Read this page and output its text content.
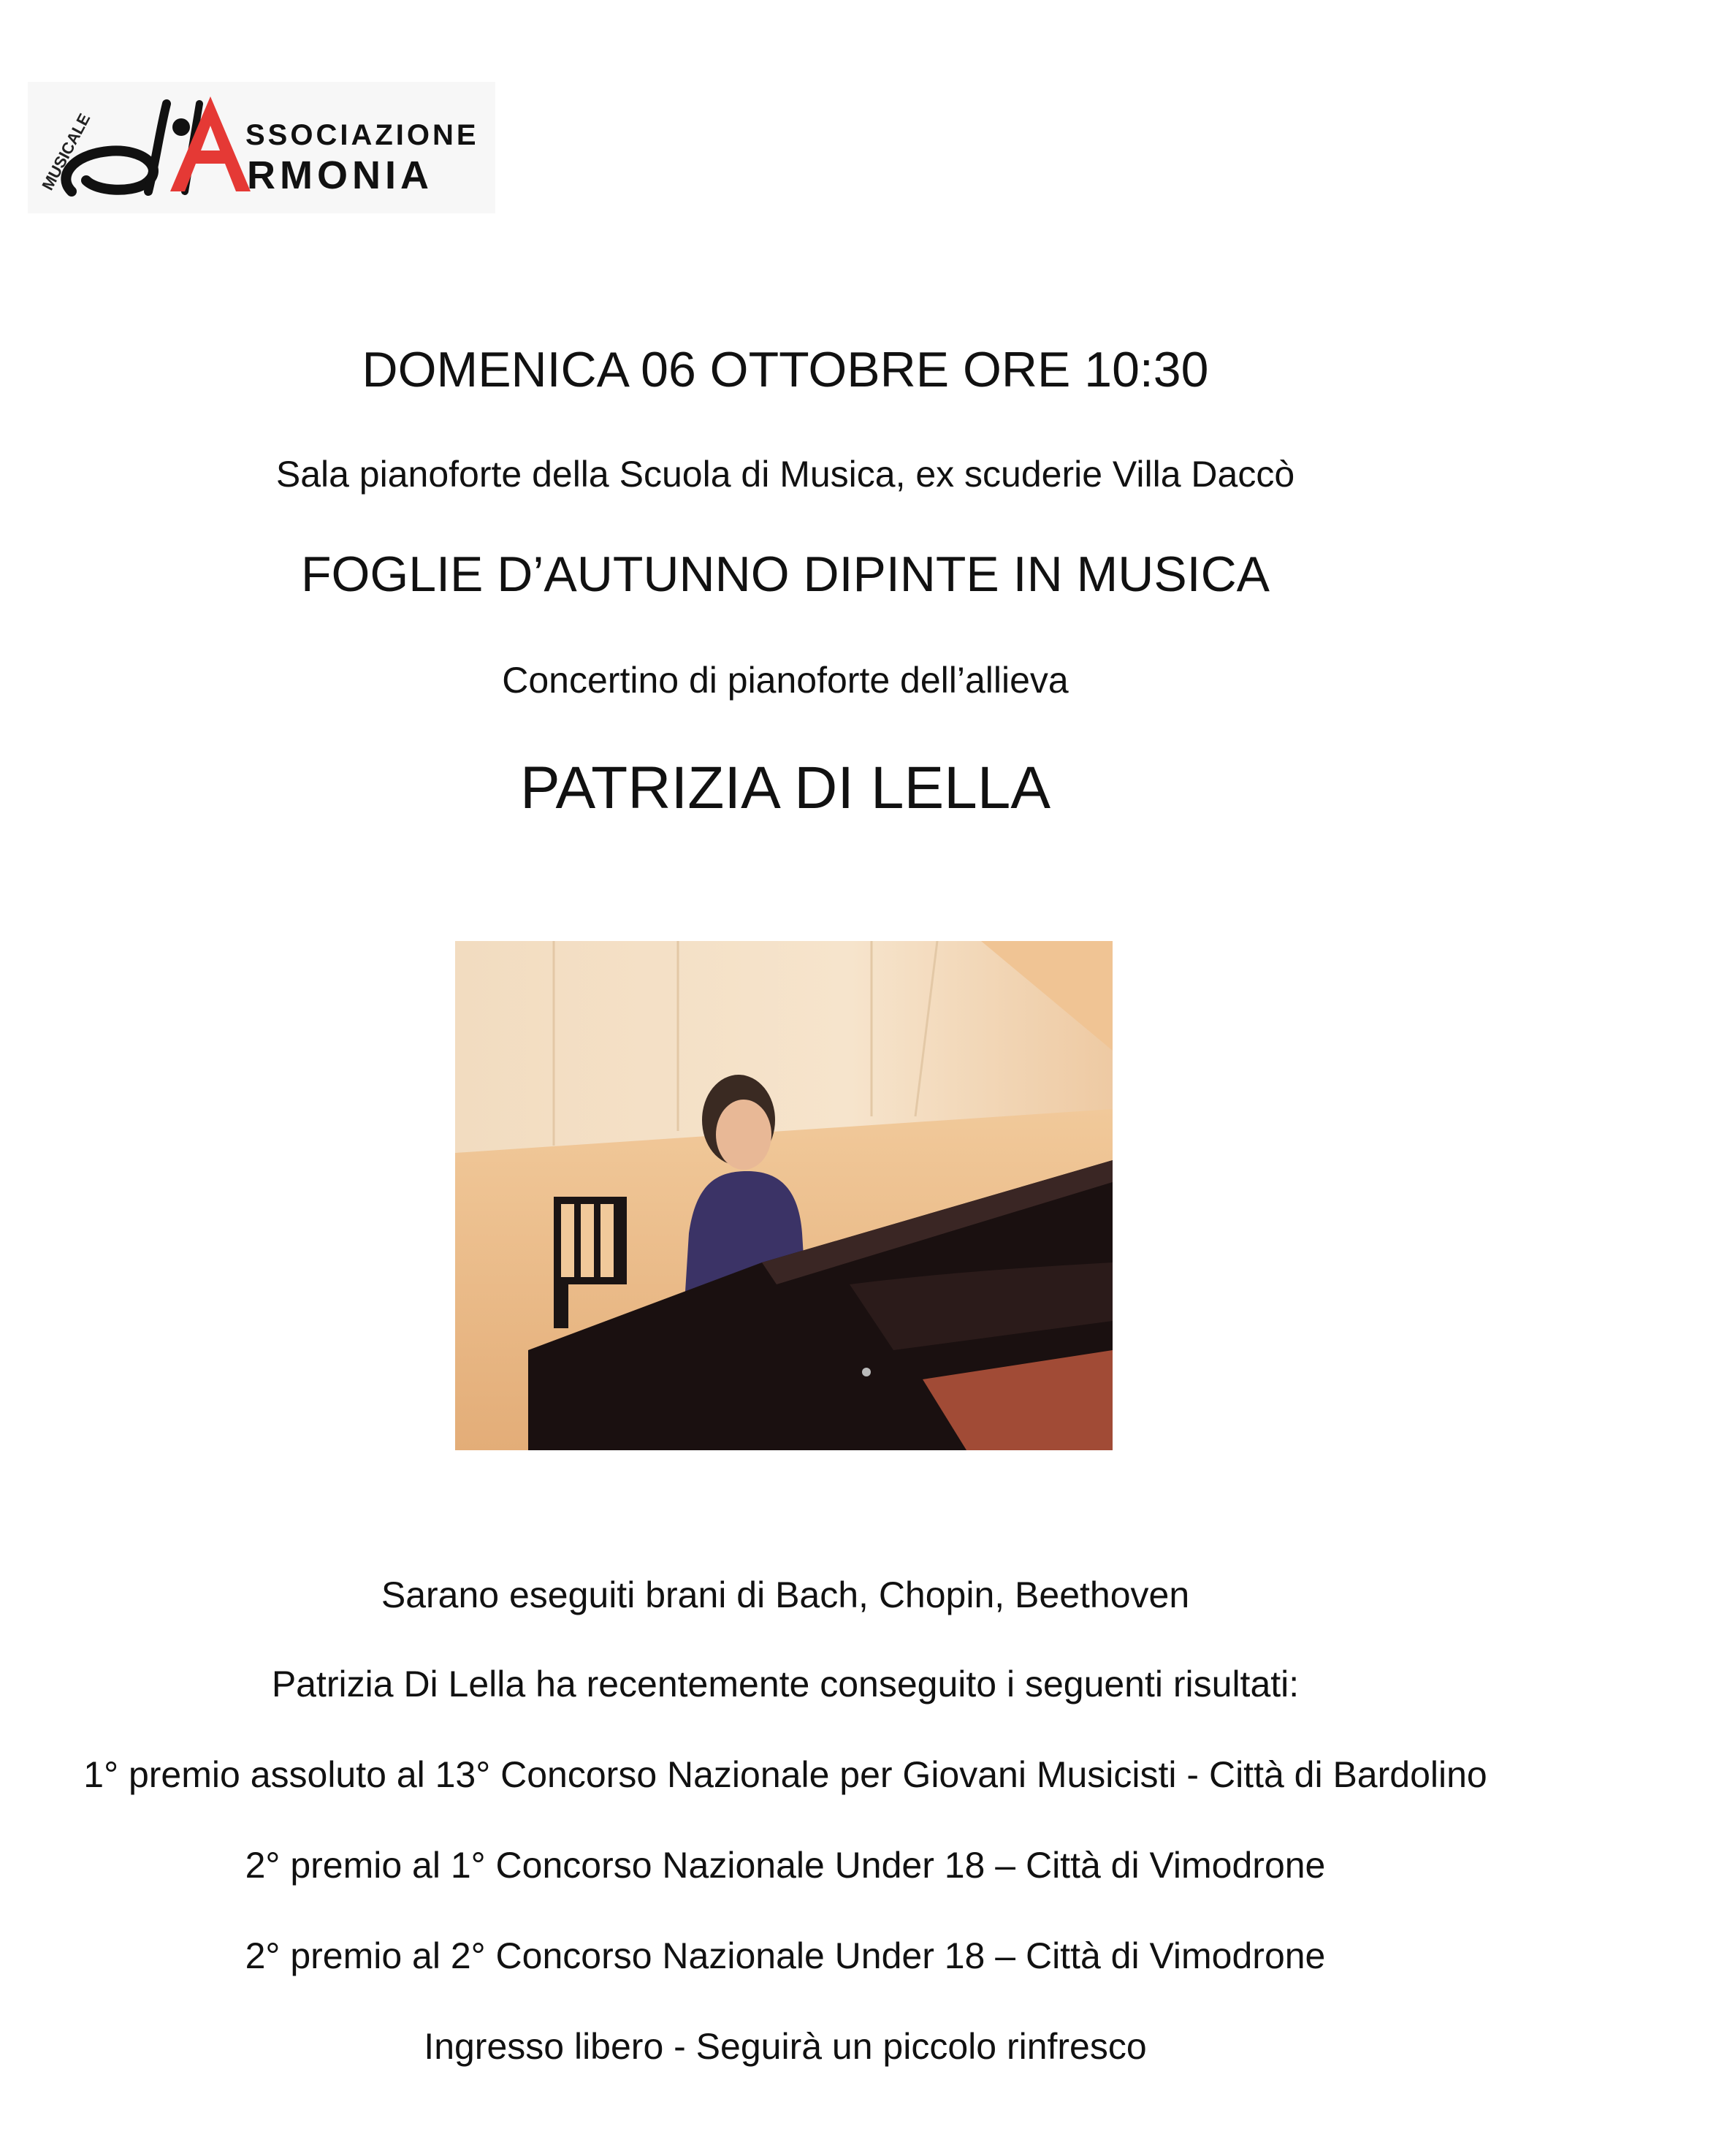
MUSICALE	SSOCIAZIONE
RMONIA
DOMENICA 06 OTTOBRE ORE 10:30
Sala pianoforte della Scuola di Musica, ex scuderie Villa Daccò
FOGLIE D’AUTUNNO DIPINTE IN MUSICA
Concertino di pianoforte dell’allieva
PATRIZIA DI LELLA
Sarano eseguiti brani di Bach, Chopin, Beethoven
Patrizia Di Lella ha recentemente conseguito i seguenti risultati:
1° premio assoluto al 13° Concorso Nazionale per Giovani Musicisti - Città di Bardolino
2° premio al 1° Concorso Nazionale Under 18 – Città di Vimodrone
2° premio al 2° Concorso Nazionale Under 18 – Città di Vimodrone
Ingresso libero - Seguirà un piccolo rinfresco
